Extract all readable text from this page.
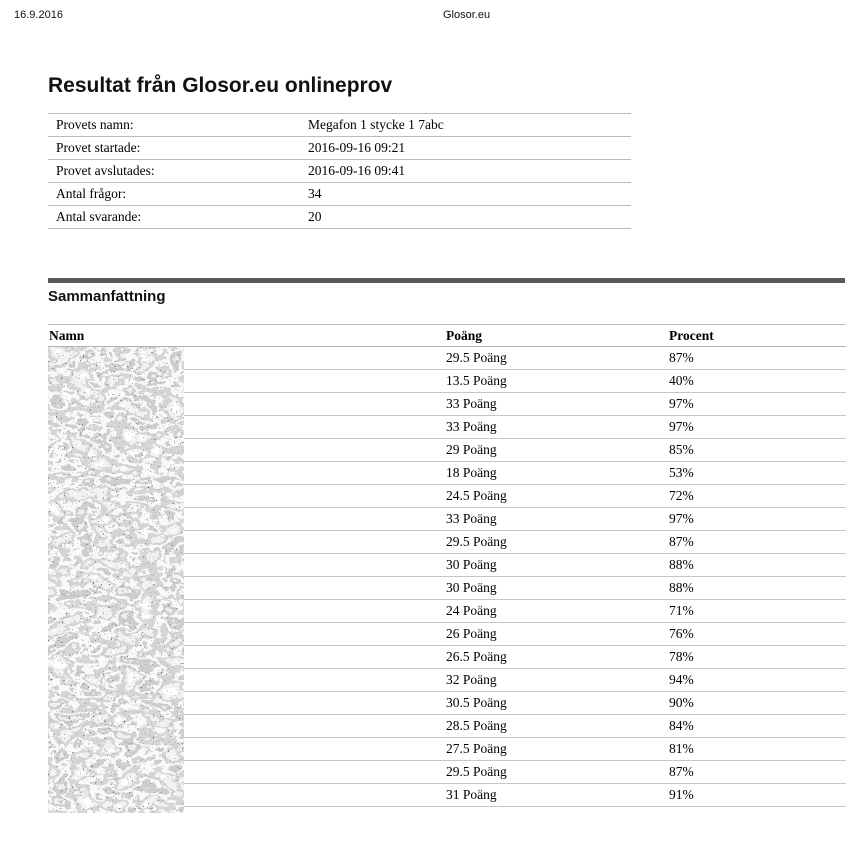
16.9.2016	Glosor.eu
Resultat från Glosor.eu onlineprov
Provets namn:	Megafon 1 stycke 1 7abc
Provet startade:	2016-09-16 09:21
Provet avslutades:	2016-09-16 09:41
Antal frågor:	34
Antal svarande:	20
Sammanfattning
Namn	Poäng	Procent
	29.5 Poäng	87%
	13.5 Poäng	40%
	33 Poäng	97%
	33 Poäng	97%
	29 Poäng	85%
	18 Poäng	53%
	24.5 Poäng	72%
	33 Poäng	97%
	29.5 Poäng	87%
	30 Poäng	88%
	30 Poäng	88%
	24 Poäng	71%
	26 Poäng	76%
	26.5 Poäng	78%
	32 Poäng	94%
	30.5 Poäng	90%
	28.5 Poäng	84%
	27.5 Poäng	81%
	29.5 Poäng	87%
	31 Poäng	91%
